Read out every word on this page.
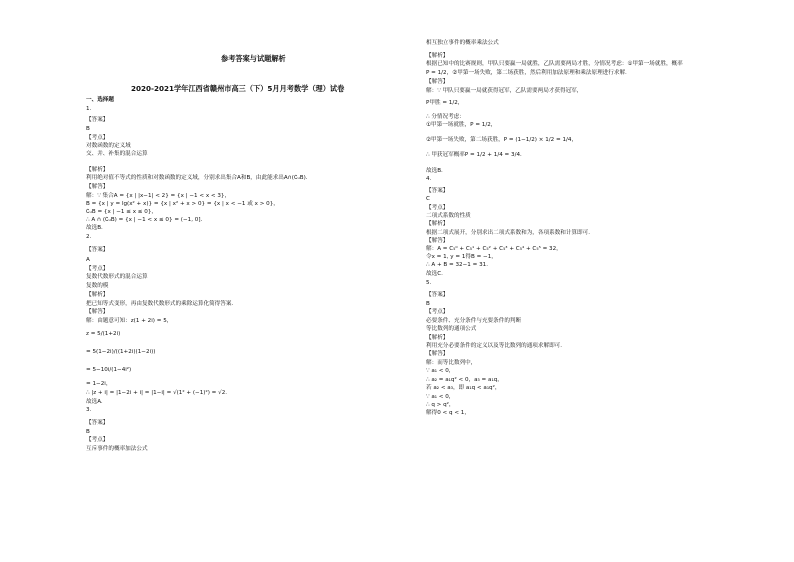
参考答案与试题解析
2020-2021学年江西省赣州市高三（下）5月月考数学（理）试卷
一、选择题
1.
【答案】
B
【考点】
对数函数的定义域
交、并、补集的混合运算
【解析】
利用绝对值不等式的性质和对数函数的定义域，分别求出集合A和B，由此能求出A∩(∁ᵤB)．
【解答】
解：∵ 集合A = {x | |x−1| < 2} = {x | −1 < x < 3}，
B = {x | y = lg(x² + x)} = {x | x² + x > 0} = {x | x < −1 或 x > 0}，
∁ᵤB = {x | −1 ≤ x ≤ 0}，
∴ A ∩ (∁ᵤB) = {x | −1 < x ≤ 0} = (−1, 0]．
故选B.
2.
【答案】
A
【考点】
复数代数形式的混合运算
复数的模
【解析】
把已知等式变形，再由复数代数形式的乘除运算化简得答案.
【解答】
解：由题意可知：z(1 + 2i) = 5，
z = 5/(1+2i)
= 5(1−2i)/((1+2i)(1−2i))
= 5−10i/(1−4i²)
= 1−2i，
∴ |z + i| = |1−2i + i| = |1−i| = √(1² + (−1)²) = √2.
故选A.
3.
【答案】
B
【考点】
互斥事件的概率加法公式
相互独立事件的概率乘法公式
【解析】
根据已知中的比赛规则，甲队只要赢一局就胜，乙队需要两局才胜，分情况考虑：①甲第一场就胜，概率
P = 1/2，②甲第一场失败，第二场获胜，然后利用加法原理和乘法原理进行求解.
【解答】
解：∵ 甲队只要赢一局就获得冠军，乙队需要两局才获得冠军，
P甲胜 = 1/2，
∴ 分情况考虑：
①甲第一场就胜，P = 1/2，
②甲第一场失败，第二场获胜，P = (1−1/2) × 1/2 = 1/4，
∴ 甲获冠军概率P = 1/2 + 1/4 = 3/4．
故选B.
4.
【答案】
C
【考点】
二项式系数的性质
【解析】
根据二项式展开，分别求出二项式系数和为，各项系数和计算即可.
【解答】
解：A = C₅⁰ + C₅¹ + C₅² + C₅³ + C₅⁴ + C₅⁵ = 32，
令x = 1, y = 1得B = −1，
∴ A + B = 32−1 = 31.
故选C.
5.
【答案】
B
【考点】
必要条件、充分条件与充要条件的判断
等比数列的通项公式
【解析】
利用充分必要条件的定义以及等比数列的通项求解即可.
【解答】
解：而等比数列中，
∵ a₁ < 0，
∴ a₂ = a₁q² < 0，a₃ = a₁q，
若 a₂ < a₃，即 a₁q < a₁q²，
∵ a₁ < 0，
∴ q > q²，
解得0 < q < 1，
